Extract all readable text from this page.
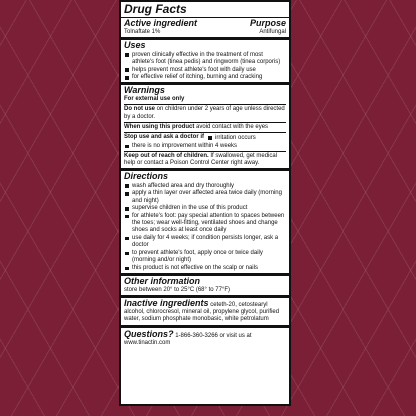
Drug Facts
Active ingredient	Purpose
Tolnaftate 1%	Antifungal
Uses
proven clinically effective in the treatment of most athlete's foot (tinea pedis) and ringworm (tinea corporis)
helps prevent most athlete's foot with daily use
for effective relief of itching, burning and cracking
Warnings
For external use only
Do not use on children under 2 years of age unless directed by a doctor.
When using this product avoid contact with the eyes
Stop use and ask a doctor if	irritation occurs
there is no improvement within 4 weeks
Keep out of reach of children. If swallowed, get medical help or contact a Poison Control Center right away.
Directions
wash affected area and dry thoroughly
apply a thin layer over affected area twice daily (morning and night)
supervise children in the use of this product
for athlete's foot: pay special attention to spaces between the toes; wear well-fitting, ventilated shoes and change shoes and socks at least once daily
use daily for 4 weeks; if condition persists longer, ask a doctor
to prevent athlete's foot, apply once or twice daily (morning and/or night)
this product is not effective on the scalp or nails
Other information
store between 20° to 25°C (68° to 77°F)
Inactive ingredients ceteth-20, cetostearyl alcohol, chlorocresol, mineral oil, propylene glycol, purified water, sodium phosphate monobasic, white petrolatum
Questions? 1-866-360-3266 or visit us at www.tinactin.com
